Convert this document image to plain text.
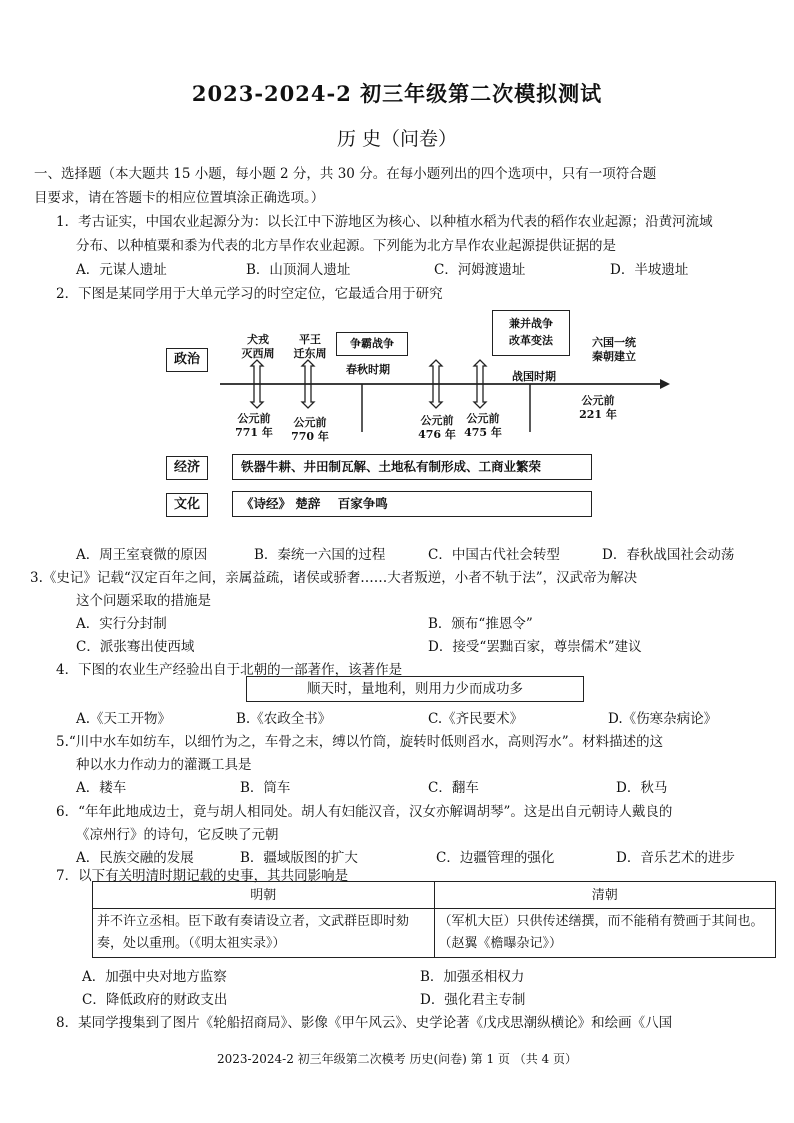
2023-2024-2 初三年级第二次模拟测试
历 史（问卷）
一、选择题（本大题共 15 小题，每小题 2 分，共 30 分。在每小题列出的四个选项中，只有一项符合题
目要求，请在答题卡的相应位置填涂正确选项。）
1．考古证实，中国农业起源分为：以长江中下游地区为核心、以种植水稻为代表的稻作农业起源；沿黄河流域
分布、以种植粟和黍为代表的北方旱作农业起源。下列能为北方旱作农业起源提供证据的是
A．元谋人遗址	B．山顶洞人遗址	C．河姆渡遗址	D．半坡遗址
2．下图是某同学用于大单元学习的时空定位，它最适合用于研究
政治
经济
文化
犬戎
灭西周
平王
迁东周
争霸战争
兼并战争
改革变法	六国一统
秦朝建立
春秋时期
战国时期
公元前
771 年
公元前
770 年
公元前
476 年
公元前
475 年
公元前
221 年
铁器牛耕、井田制瓦解、土地私有制形成、工商业繁荣
《诗经》 楚辞    百家争鸣
A．周王室衰微的原因	B．秦统一六国的过程	C．中国古代社会转型	D．春秋战国社会动荡
3.《史记》记载“汉定百年之间，亲属益疏，诸侯或骄奢……大者叛逆，小者不轨于法”，汉武帝为解决
这个问题采取的措施是
A．实行分封制	B．颁布“推恩令”
C．派张骞出使西域	D．接受“罢黜百家，尊崇儒术”建议
4．下图的农业生产经验出自于北朝的一部著作，该著作是
顺天时，量地利，则用力少而成功多
A.《天工开物》	B.《农政全书》	C.《齐民要术》	D.《伤寒杂病论》
5.“川中水车如纺车，以细竹为之，车骨之末，缚以竹筒，旋转时低则舀水，高则泻水”。材料描述的这
种以水力作动力的灌溉工具是
A．耧车	B．筒车	C．翻车	D．秋马
6．“年年此地成边士，竟与胡人相同处。胡人有妇能汉音，汉女亦解调胡琴”。这是出自元朝诗人戴良的
《凉州行》的诗句，它反映了元朝
A．民族交融的发展	B．疆域版图的扩大	C．边疆管理的强化	D．音乐艺术的进步
7．以下有关明清时期记载的史事，其共同影响是
明朝	清朝
并不许立丞相。臣下敢有奏请设立者，文武群臣即时劾奏，处以重刑。（《明太祖实录》）	（军机大臣）只供传述缮撰，而不能稍有赞画于其间也。（赵翼《檐曝杂记》）
A．加强中央对地方监察	B．加强丞相权力
C．降低政府的财政支出	D．强化君主专制
8．某同学搜集到了图片《轮船招商局》、影像《甲午风云》、史学论著《戊戌思潮纵横论》和绘画《八国
2023-2024-2 初三年级第二次模考 历史(问卷) 第 1 页 （共 4 页）
